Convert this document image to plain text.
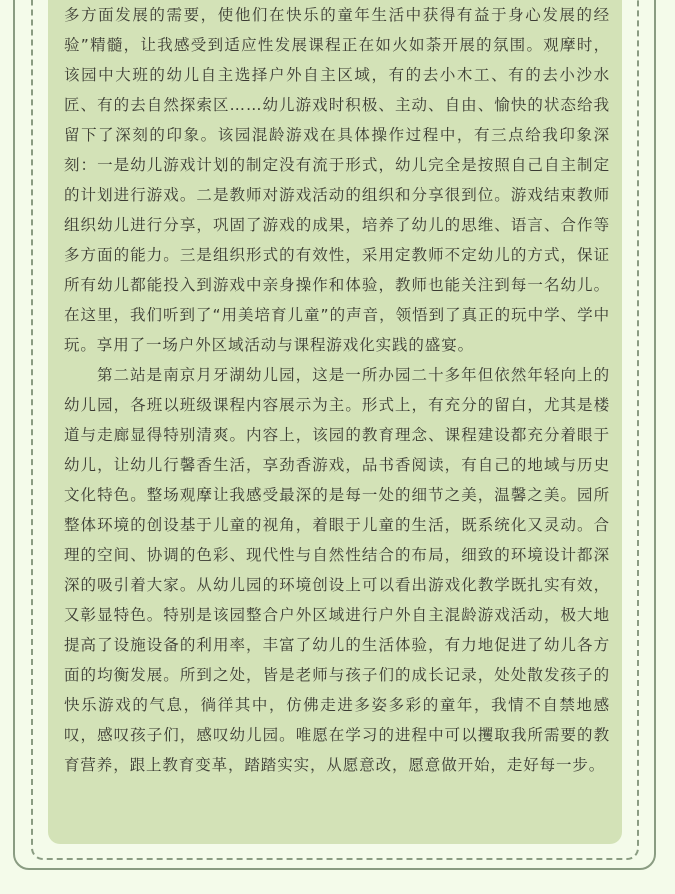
多方面发展的需要，使他们在快乐的童年生活中获得有益于身心发展的经验”精髓，让我感受到适应性发展课程正在如火如荼开展的氛围。观摩时，该园中大班的幼儿自主选择户外自主区域，有的去小木工、有的去小沙水匠、有的去自然探索区……幼儿游戏时积极、主动、自由、愉快的状态给我留下了深刻的印象。该园混龄游戏在具体操作过程中，有三点给我印象深刻：一是幼儿游戏计划的制定没有流于形式，幼儿完全是按照自己自主制定的计划进行游戏。二是教师对游戏活动的组织和分享很到位。游戏结束教师组织幼儿进行分享，巩固了游戏的成果，培养了幼儿的思维、语言、合作等多方面的能力。三是组织形式的有效性，采用定教师不定幼儿的方式，保证所有幼儿都能投入到游戏中亲身操作和体验，教师也能关注到每一名幼儿。在这里，我们听到了“用美培育儿童”的声音，领悟到了真正的玩中学、学中玩。享用了一场户外区域活动与课程游戏化实践的盛宴。

第二站是南京月牙湖幼儿园，这是一所办园二十多年但依然年轻向上的幼儿园，各班以班级课程内容展示为主。形式上，有充分的留白，尤其是楼道与走廊显得特别清爽。内容上，该园的教育理念、课程建设都充分着眼于幼儿，让幼儿行馨香生活，享劲香游戏，品书香阅读，有自己的地域与历史文化特色。整场观摩让我感受最深的是每一处的细节之美，温馨之美。园所整体环境的创设基于儿童的视角，着眼于儿童的生活，既系统化又灵动。合理的空间、协调的色彩、现代性与自然性结合的布局，细致的环境设计都深深的吸引着大家。从幼儿园的环境创设上可以看出游戏化教学既扎实有效，又彰显特色。特别是该园整合户外区域进行户外自主混龄游戏活动，极大地提高了设施设备的利用率，丰富了幼儿的生活体验，有力地促进了幼儿各方面的均衡发展。所到之处，皆是老师与孩子们的成长记录，处处散发孩子的快乐游戏的气息，徜徉其中，仿佛走进多姿多彩的童年，我情不自禁地感叹，感叹孩子们，感叹幼儿园。唯愿在学习的进程中可以攫取我所需要的教育营养，跟上教育变革，踏踏实实，从愿意改，愿意做开始，走好每一步。
